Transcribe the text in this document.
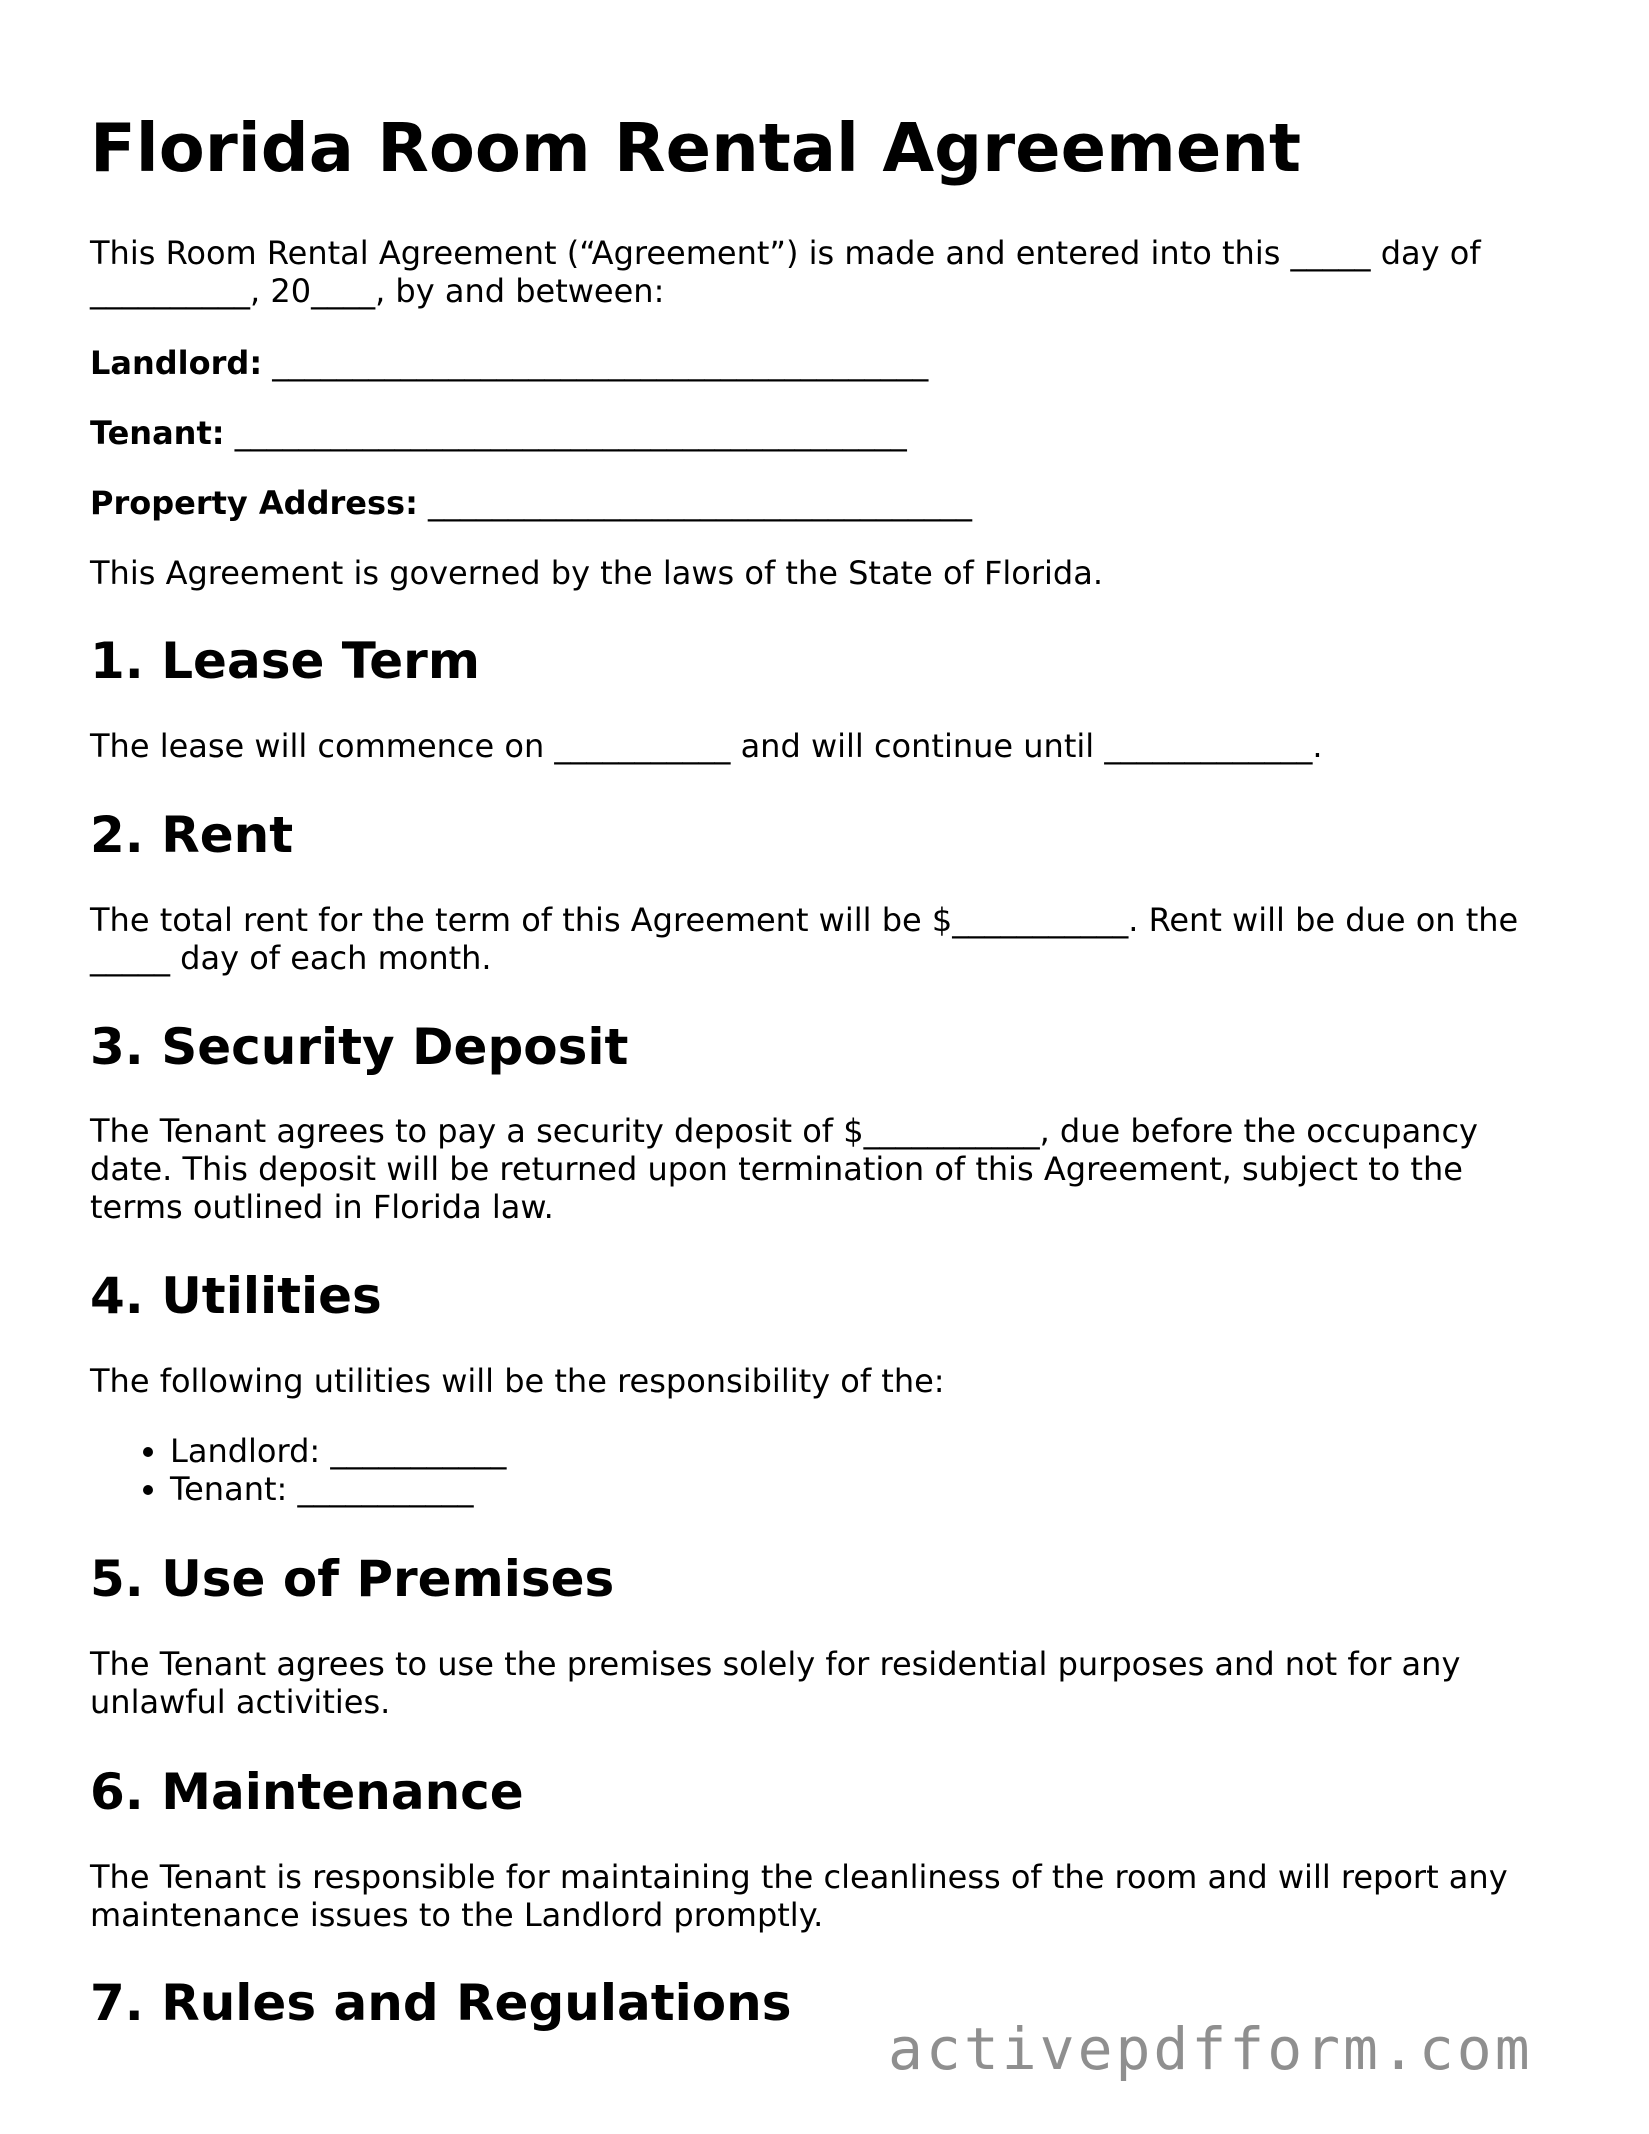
Florida Room Rental Agreement

This Room Rental Agreement (“Agreement”) is made and entered into this _____ day of __________, 20____, by and between:

Landlord: _________________________________________
Tenant: __________________________________________
Property Address: __________________________________

This Agreement is governed by the laws of the State of Florida.

1. Lease Term

The lease will commence on ___________ and will continue until _____________.

2. Rent

The total rent for the term of this Agreement will be $___________. Rent will be due on the _____ day of each month.

3. Security Deposit

The Tenant agrees to pay a security deposit of $___________, due before the occupancy date. This deposit will be returned upon termination of this Agreement, subject to the terms outlined in Florida law.

4. Utilities

The following utilities will be the responsibility of the:

• Landlord: ___________
• Tenant: ___________
5. Use of Premises

The Tenant agrees to use the premises solely for residential purposes and not for any unlawful activities.

6. Maintenance

The Tenant is responsible for maintaining the cleanliness of the room and will report any maintenance issues to the Landlord promptly.

7. Rules and Regulations
activepdfform.com
